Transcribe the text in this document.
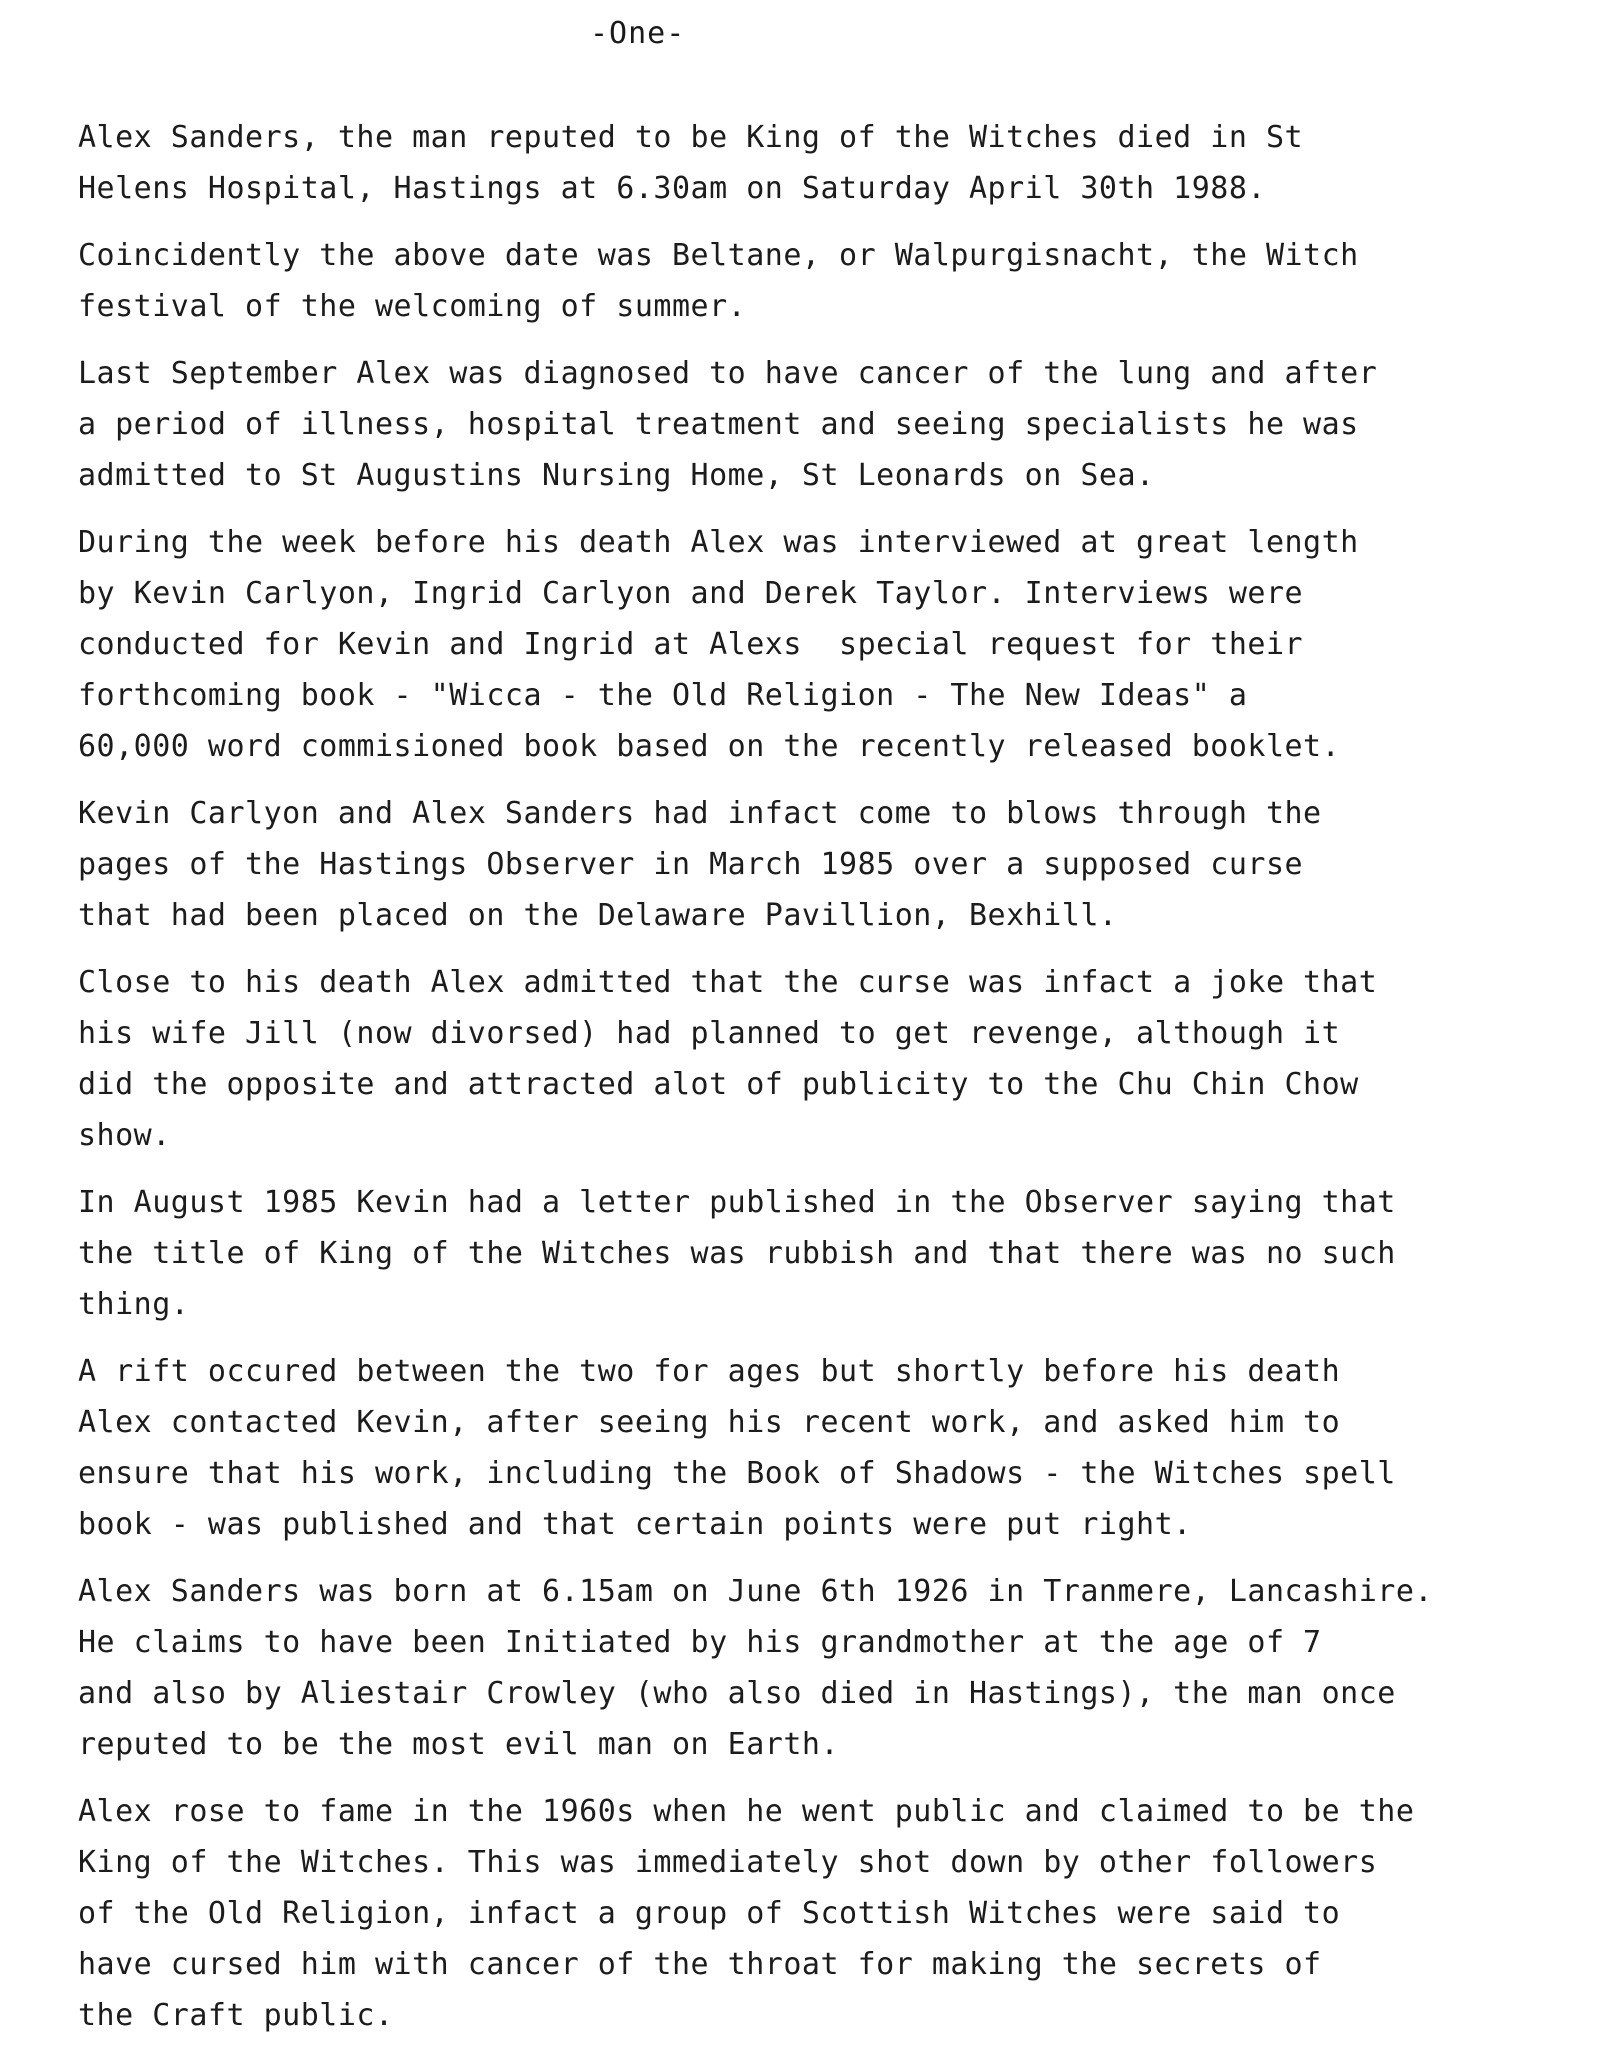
-One-

Alex Sanders, the man reputed to be King of the Witches died in St
Helens Hospital, Hastings at 6.30am on Saturday April 30th 1988.

Coincidently the above date was Beltane, or Walpurgisnacht, the Witch
festival of the welcoming of summer.

Last September Alex was diagnosed to have cancer of the lung and after
a period of illness, hospital treatment and seeing specialists he was
admitted to St Augustins Nursing Home, St Leonards on Sea.

During the week before his death Alex was interviewed at great length
by Kevin Carlyon, Ingrid Carlyon and Derek Taylor. Interviews were
conducted for Kevin and Ingrid at Alexs  special request for their
forthcoming book - "Wicca - the Old Religion - The New Ideas" a
60,000 word commisioned book based on the recently released booklet.

Kevin Carlyon and Alex Sanders had infact come to blows through the
pages of the Hastings Observer in March 1985 over a supposed curse
that had been placed on the Delaware Pavillion, Bexhill.

Close to his death Alex admitted that the curse was infact a joke that
his wife Jill (now divorsed) had planned to get revenge, although it
did the opposite and attracted alot of publicity to the Chu Chin Chow
show.

In August 1985 Kevin had a letter published in the Observer saying that
the title of King of the Witches was rubbish and that there was no such
thing.

A rift occured between the two for ages but shortly before his death
Alex contacted Kevin, after seeing his recent work, and asked him to
ensure that his work, including the Book of Shadows - the Witches spell
book - was published and that certain points were put right.

Alex Sanders was born at 6.15am on June 6th 1926 in Tranmere, Lancashire.
He claims to have been Initiated by his grandmother at the age of 7
and also by Aliestair Crowley (who also died in Hastings), the man once
reputed to be the most evil man on Earth.

Alex rose to fame in the 1960s when he went public and claimed to be the
King of the Witches. This was immediately shot down by other followers
of the Old Religion, infact a group of Scottish Witches were said to
have cursed him with cancer of the throat for making the secrets of
the Craft public.
